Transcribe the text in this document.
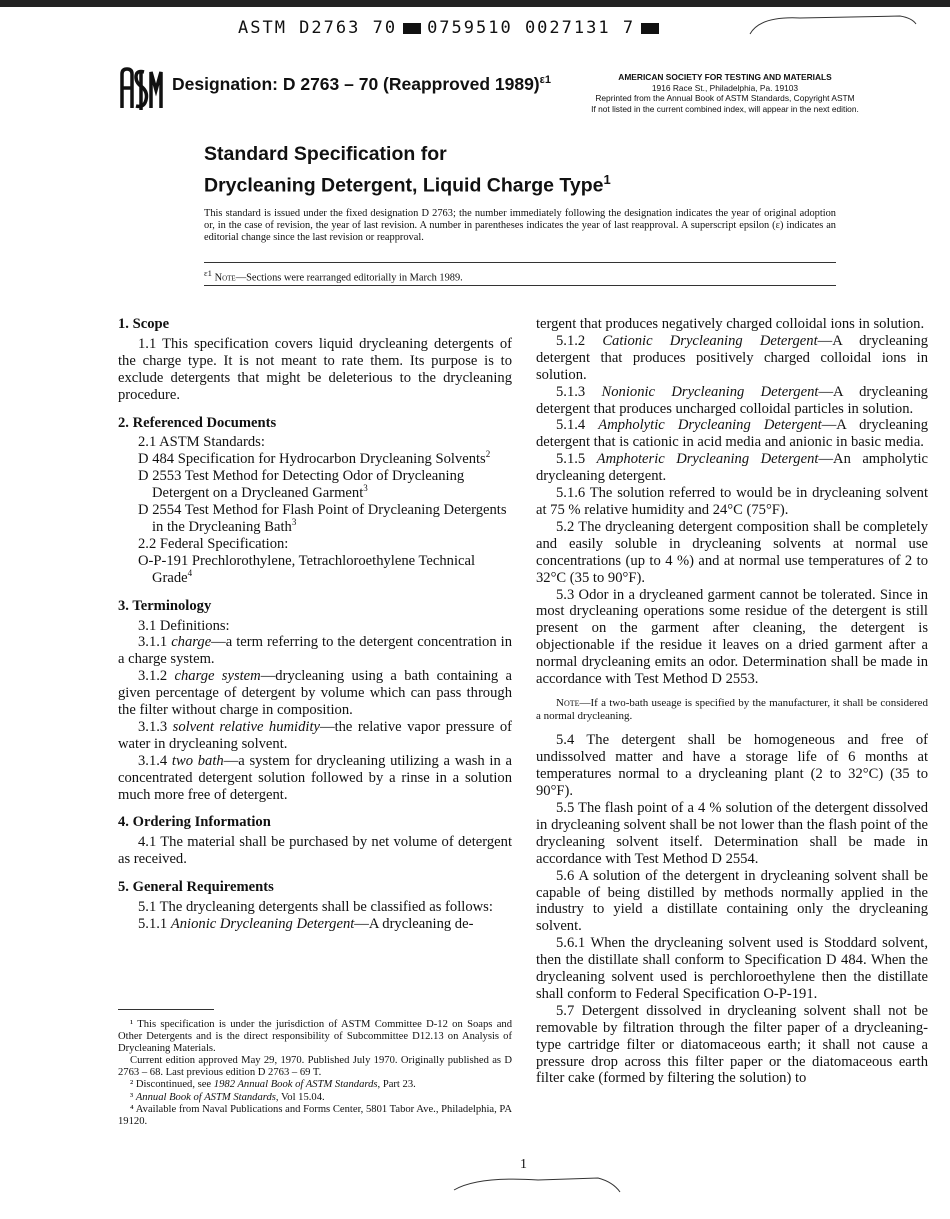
ASTM D2763 70 0759510 0027131 7
Designation: D 2763 – 70 (Reapproved 1989)$^{\varepsilon 1}$	AMERICAN SOCIETY FOR TESTING AND MATERIALS
1916 Race St., Philadelphia, Pa. 19103
Reprinted from the Annual Book of ASTM Standards, Copyright ASTM
If not listed in the current combined index, will appear in the next edition.
Standard Specification for
Drycleaning Detergent, Liquid Charge Type$^1$
This standard is issued under the fixed designation D 2763; the number immediately following the designation indicates the year of original adoption or, in the case of revision, the year of last revision. A number in parentheses indicates the year of last reapproval. A superscript epsilon (ε) indicates an editorial change since the last revision or reapproval.
$^{\varepsilon 1}$ Note—Sections were rearranged editorially in March 1989.

1. Scope

1.1 This specification covers liquid drycleaning detergents of the charge type. It is not meant to rate them. Its purpose is to exclude detergents that might be deleterious to the drycleaning procedure.

2. Referenced Documents

2.1 ASTM Standards:

D 484 Specification for Hydrocarbon Drycleaning Solvents$^2$

D 2553 Test Method for Detecting Odor of Drycleaning Detergent on a Drycleaned Garment$^3$

D 2554 Test Method for Flash Point of Drycleaning Detergents in the Drycleaning Bath$^3$

2.2 Federal Specification:

O-P-191 Prechlorothylene, Tetrachloroethylene Technical Grade$^4$

3. Terminology

3.1 Definitions:

3.1.1 charge—a term referring to the detergent concentration in a charge system.

3.1.2 charge system—drycleaning using a bath containing a given percentage of detergent by volume which can pass through the filter without charge in composition.

3.1.3 solvent relative humidity—the relative vapor pressure of water in drycleaning solvent.

3.1.4 two bath—a system for drycleaning utilizing a wash in a concentrated detergent solution followed by a rinse in a solution much more free of detergent.

4. Ordering Information

4.1 The material shall be purchased by net volume of detergent as received.

5. General Requirements

5.1 The drycleaning detergents shall be classified as follows:

5.1.1 Anionic Drycleaning Detergent—A drycleaning de-

tergent that produces negatively charged colloidal ions in solution.

5.1.2 Cationic Drycleaning Detergent—A drycleaning detergent that produces positively charged colloidal ions in solution.

5.1.3 Nonionic Drycleaning Detergent—A drycleaning detergent that produces uncharged colloidal particles in solution.

5.1.4 Ampholytic Drycleaning Detergent—A drycleaning detergent that is cationic in acid media and anionic in basic media.

5.1.5 Amphoteric Drycleaning Detergent—An ampholytic drycleaning detergent.

5.1.6 The solution referred to would be in drycleaning solvent at 75 % relative humidity and 24°C (75°F).

5.2 The drycleaning detergent composition shall be completely and easily soluble in drycleaning solvents at normal use concentrations (up to 4 %) and at normal use temperatures of 2 to 32°C (35 to 90°F).

5.3 Odor in a drycleaned garment cannot be tolerated. Since in most drycleaning operations some residue of the detergent is still present on the garment after cleaning, the detergent is objectionable if the residue it leaves on a dried garment after a normal drycleaning emits an odor. Determination shall be made in accordance with Test Method D 2553.

Note—If a two-bath useage is specified by the manufacturer, it shall be considered a normal drycleaning.

5.4 The detergent shall be homogeneous and free of undissolved matter and have a storage life of 6 months at temperatures normal to a drycleaning plant (2 to 32°C) (35 to 90°F).

5.5 The flash point of a 4 % solution of the detergent dissolved in drycleaning solvent shall be not lower than the flash point of the drycleaning solvent itself. Determination shall be made in accordance with Test Method D 2554.

5.6 A solution of the detergent in drycleaning solvent shall be capable of being distilled by methods normally applied in the industry to yield a distillate containing only the drycleaning solvent.

5.6.1 When the drycleaning solvent used is Stoddard solvent, then the distillate shall conform to Specification D 484. When the drycleaning solvent used is perchloroethylene then the distillate shall conform to Federal Specification O-P-191.

5.7 Detergent dissolved in drycleaning solvent shall not be removable by filtration through the filter paper of a drycleaning-type cartridge filter or diatomaceous earth; it shall not cause a pressure drop across this filter paper or the diatomaceous earth filter cake (formed by filtering the solution) to

¹ This specification is under the jurisdiction of ASTM Committee D-12 on Soaps and Other Detergents and is the direct responsibility of Subcommittee D12.13 on Analysis of Drycleaning Materials.

Current edition approved May 29, 1970. Published July 1970. Originally published as D 2763 – 68. Last previous edition D 2763 – 69 T.

² Discontinued, see 1982 Annual Book of ASTM Standards, Part 23.

³ Annual Book of ASTM Standards, Vol 15.04.

⁴ Available from Naval Publications and Forms Center, 5801 Tabor Ave., Philadelphia, PA 19120.

1
